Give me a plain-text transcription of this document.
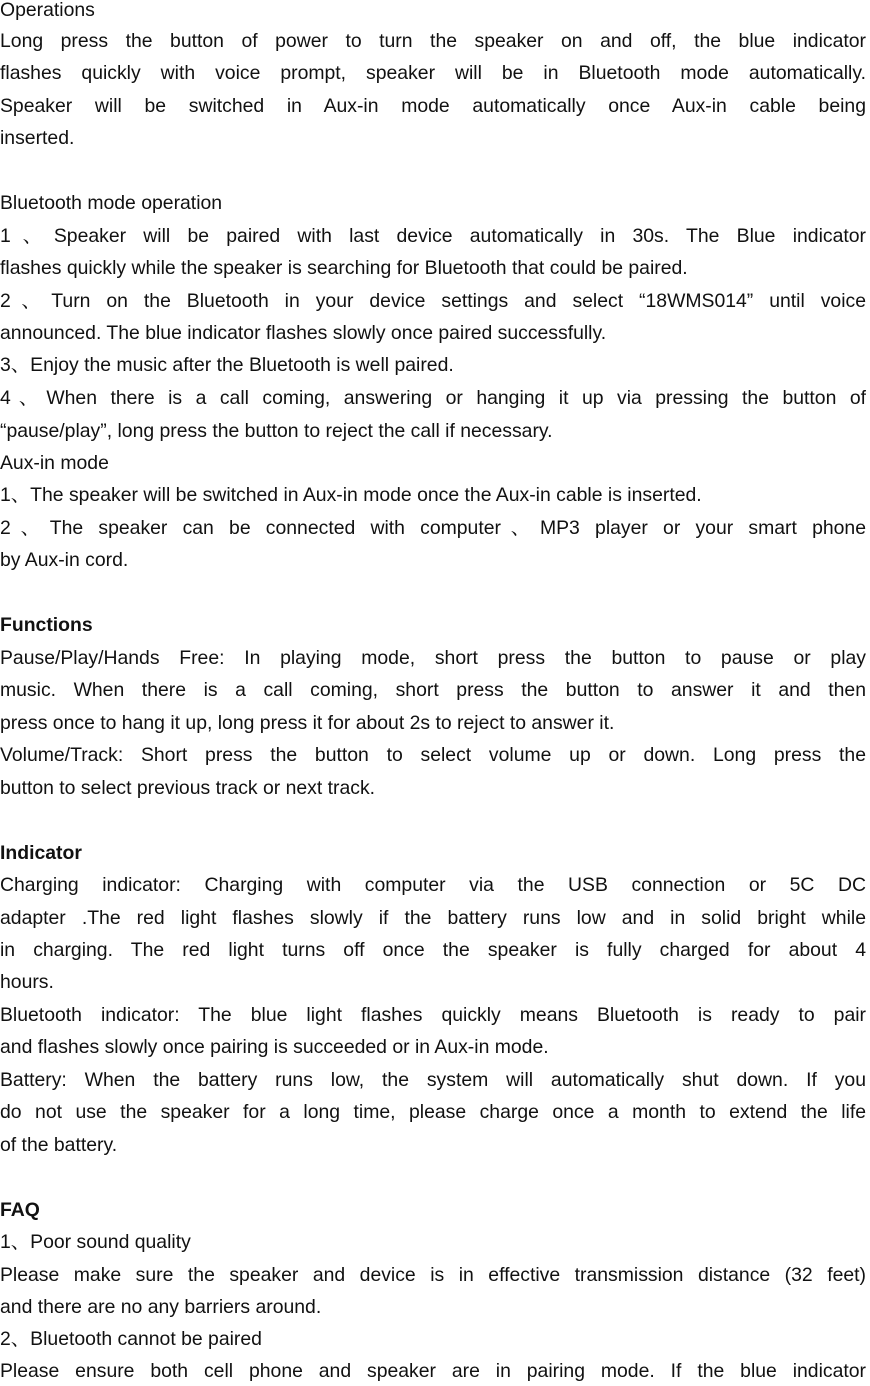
Operations
Long press the button of power to turn the speaker on and off, the blue indicator
flashes quickly with voice prompt, speaker will be in Bluetooth mode automatically.
Speaker will be switched in Aux-in mode automatically once Aux-in cable being
inserted.
Bluetooth mode operation
1、Speaker will be paired with last device automatically in 30s. The Blue indicator
flashes quickly while the speaker is searching for Bluetooth that could be paired.
2、Turn on the Bluetooth in your device settings and select “18WMS014” until voice
announced. The blue indicator flashes slowly once paired successfully.
3、Enjoy the music after the Bluetooth is well paired.
4、When there is a call coming, answering or hanging it up via pressing the button of
“pause/play”, long press the button to reject the call if necessary.
Aux-in mode
1、The speaker will be switched in Aux-in mode once the Aux-in cable is inserted.
2、The speaker can be connected with computer、MP3 player or your smart phone
by Aux-in cord.
Functions
Pause/Play/Hands Free: In playing mode, short press the button to pause or play
music. When there is a call coming, short press the button to answer it and then
press once to hang it up, long press it for about 2s to reject to answer it.
Volume/Track: Short press the button to select volume up or down. Long press the
button to select previous track or next track.
Indicator
Charging indicator: Charging with computer via the USB connection or 5C DC
adapter .The red light flashes slowly if the battery runs low and in solid bright while
in charging. The red light turns off once the speaker is fully charged for about 4
hours.
Bluetooth indicator: The blue light flashes quickly means Bluetooth is ready to pair
and flashes slowly once pairing is succeeded or in Aux-in mode.
Battery: When the battery runs low, the system will automatically shut down. If you
do not use the speaker for a long time, please charge once a month to extend the life
of the battery.
FAQ
1、Poor sound quality
Please make sure the speaker and device is in effective transmission distance (32 feet)
and there are no any barriers around.
2、Bluetooth cannot be paired
Please ensure both cell phone and speaker are in pairing mode. If the blue indicator
